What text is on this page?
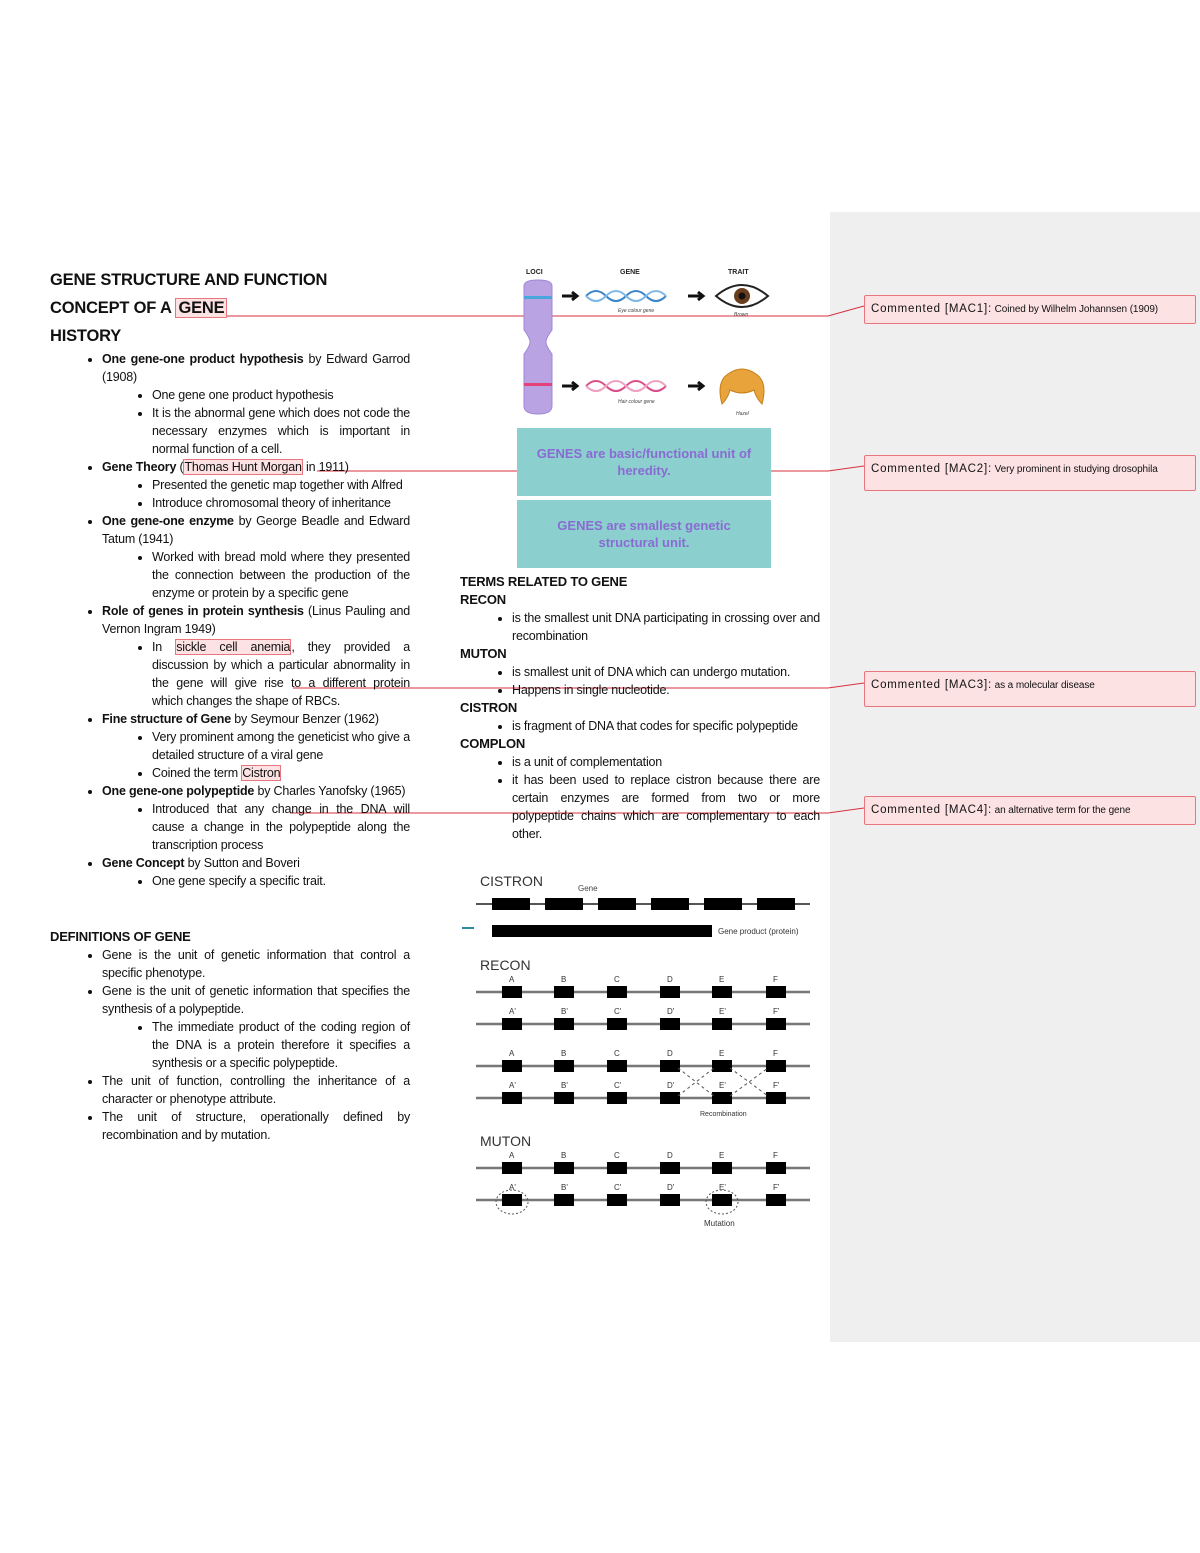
GENE STRUCTURE AND FUNCTION
CONCEPT OF A GENE
HISTORY
• One gene-one product hypothesis by Edward Garrod (1908)
• One gene one product hypothesis
• It is the abnormal gene which does not code the necessary enzymes which is important in normal function of a cell.
• Gene Theory (Thomas Hunt Morgan in 1911)
• Presented the genetic map together with Alfred
• Introduce chromosomal theory of inheritance
• One gene-one enzyme by George Beadle and Edward Tatum (1941)
• Worked with bread mold where they presented the connection between the production of the enzyme or protein by a specific gene
• Role of genes in protein synthesis (Linus Pauling and Vernon Ingram 1949)
• In sickle cell anemia, they provided a discussion by which a particular abnormality in the gene will give rise to a different protein which changes the shape of RBCs.
• Fine structure of Gene by Seymour Benzer (1962)
• Very prominent among the geneticist who give a detailed structure of a viral gene
• Coined the term Cistron
• One gene-one polypeptide by Charles Yanofsky (1965)
• Introduced that any change in the DNA will cause a change in the polypeptide along the transcription process
• Gene Concept by Sutton and Boveri
• One gene specify a specific trait.
DEFINITIONS OF GENE
• Gene is the unit of genetic information that control a specific phenotype.
• Gene is the unit of genetic information that specifies the synthesis of a polypeptide.
• The immediate product of the coding region of the DNA is a protein therefore it specifies a synthesis or a specific polypeptide.
• The unit of function, controlling the inheritance of a character or phenotype attribute.
• The unit of structure, operationally defined by recombination and by mutation.
LOCI	GENE	TRAIT
Eye colour gene
Brown
Hair colour gene
Hazel
GENES are basic/functional unit of heredity.
GENES are smallest genetic structural unit.
TERMS RELATED TO GENE
RECON
• is the smallest unit DNA participating in crossing over and recombination
MUTON
• is smallest unit of DNA which can undergo mutation.
• Happens in single nucleotide.
CISTRON
• is fragment of DNA that codes for specific polypeptide
COMPLON
• is a unit of complementation
• it has been used to replace cistron because there are certain enzymes are formed from two or more polypeptide chains which are complementary to each other.
CISTRON	Gene
Gene product (protein)
RECON
MUTON
Recombination
Mutation
A	B	C	D	E	F
A'	B'	C'	D'	E'	F'
A	B	C	D	E	F
A'	B'	C'	D'	E'	F'
A	B	C	D	E	F
A'	B'	C'	D'	E'	F'
Commented [MAC1]: Coined by Wilhelm Johannsen (1909)
Commented [MAC2]: Very prominent in studying drosophila
Commented [MAC3]: as a molecular disease
Commented [MAC4]: an alternative term for the gene
